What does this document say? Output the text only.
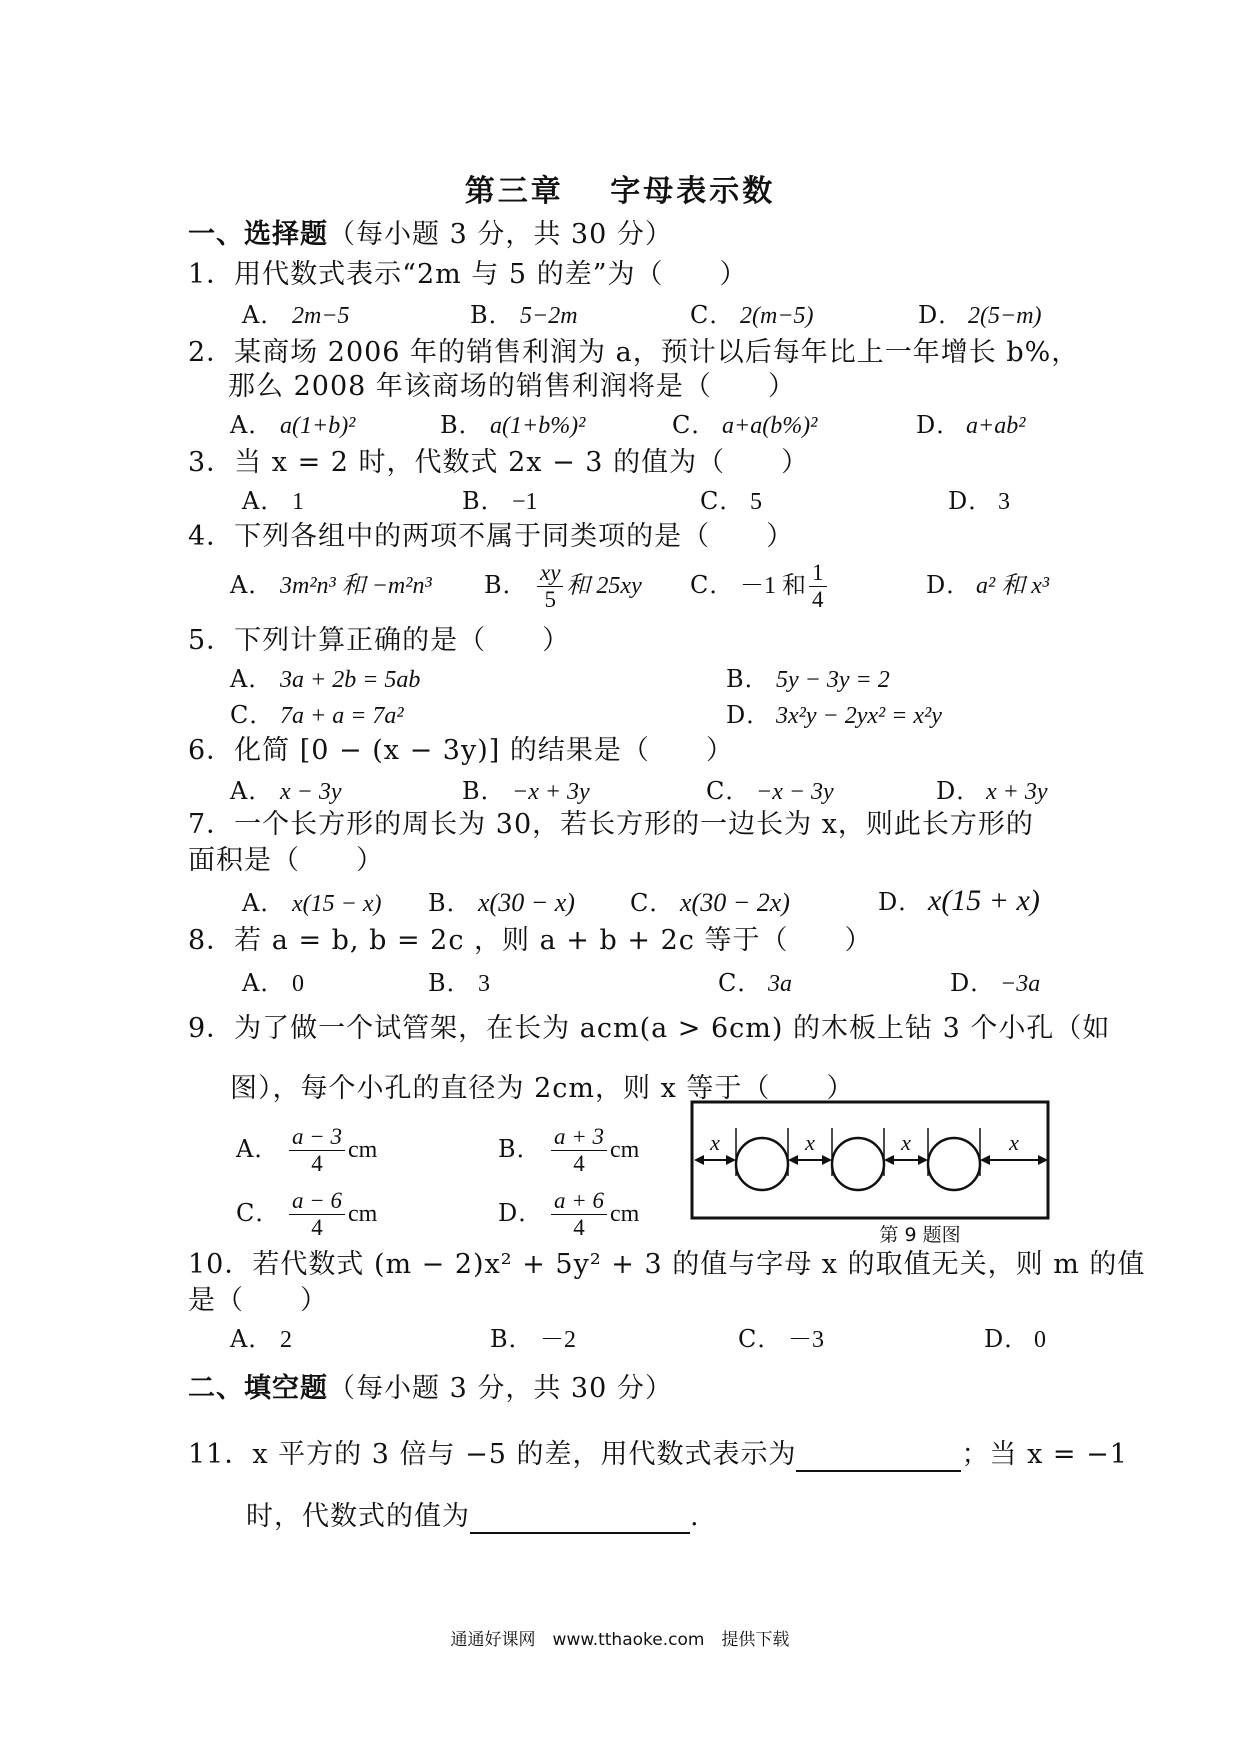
第三章　 字母表示数
一、选择题（每小题 3 分，共 30 分）
1．用代数式表示“2m 与 5 的差”为（　　）
A． 2m−5	B． 5−2m	C． 2(m−5)	D． 2(5−m)
2．某商场 2006 年的销售利润为 a，预计以后每年比上一年增长 b%，
那么 2008 年该商场的销售利润将是（　　）
A． a(1+b)²	B． a(1+b%)²	C． a+a(b%)²	D． a+ab²
3．当 x = 2 时，代数式 2x − 3 的值为（　　）
A． 1	B． −1	C． 5	D． 3
4．下列各组中的两项不属于同类项的是（　　）
A． 3m²n³ 和 −m²n³ B． $\frac{xy}{5}$ 和 25xy C． －1 和 $\frac{1}{4}$	D． a² 和 x³
5．下列计算正确的是（　　）
A． 3a + 2b = 5ab	B． 5y − 3y = 2
C． 7a + a = 7a²	D． 3x²y − 2yx² = x²y
6．化简 [0 − (x − 3y)] 的结果是（　　）
A． x − 3y	B． −x + 3y	C． −x − 3y	D． x + 3y
7．一个长方形的周长为 30，若长方形的一边长为 x，则此长方形的
面积是（　　）
A． x(15 − x) B． x(30 − x) C． x(30 − 2x)	D． x(15 + x)
8．若 a = b, b = 2c ，则 a + b + 2c 等于（　　）
A． 0	B． 3	C． 3a	D． −3a
9．为了做一个试管架，在长为 acm(a > 6cm) 的木板上钻 3 个小孔（如
图），每个小孔的直径为 2cm，则 x 等于（　　）
A． $\frac{a - 3}{4}$ cm	B． $\frac{a + 3}{4}$ cm
C． $\frac{a - 6}{4}$ cm	D． $\frac{a + 6}{4}$ cm
x	x	x	x
第 9 题图
10．若代数式 (m − 2)x² + 5y² + 3 的值与字母 x 的取值无关，则 m 的值
是（　　）
A． 2	B． －2	C． －3	D． 0
二、填空题（每小题 3 分，共 30 分）
11．x 平方的 3 倍与 −5 的差，用代数式表示为	；当 x = −1
时，代数式的值为	.
通通好课网　www.tthaoke.com　提供下载
